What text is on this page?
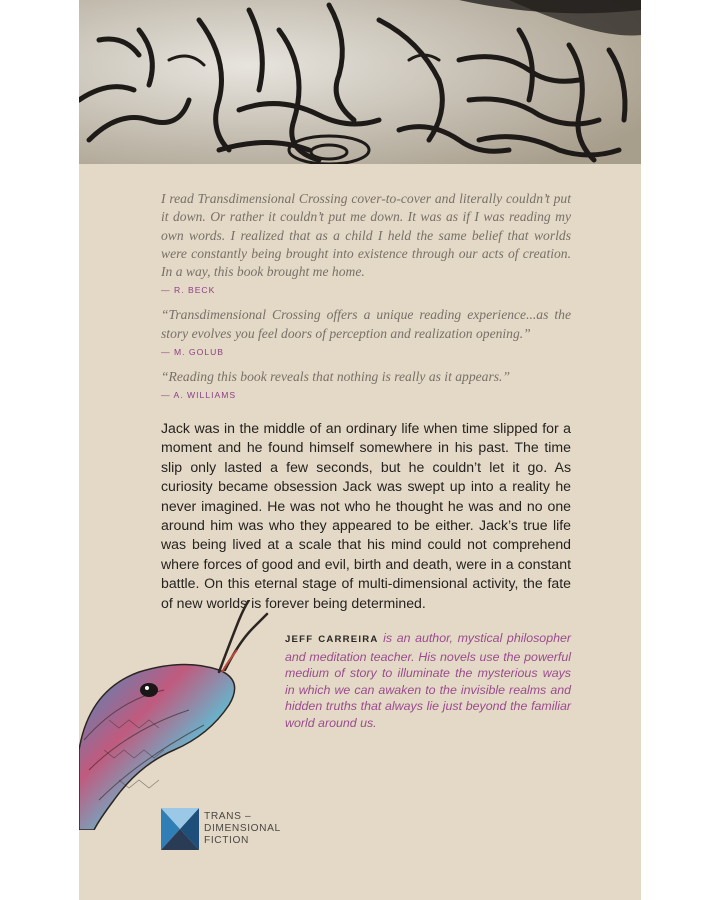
I read Transdimensional Crossing cover-to-cover and literally couldn’t put it down. Or rather it couldn’t put me down. It was as if I was reading my own words. I realized that as a child I held the same belief that worlds were constantly being brought into existence through our acts of creation. In a way, this book brought me home.

— R. BECK

“Transdimensional Crossing offers a unique reading experience...as the story evolves you feel doors of perception and realization opening.”

— M. GOLUB

“Reading this book reveals that nothing is really as it appears.”

— A. WILLIAMS

Jack was in the middle of an ordinary life when time slipped for a moment and he found himself somewhere in his past. The time slip only lasted a few seconds, but he couldn’t let it go. As curiosity became obsession Jack was swept up into a reality he never imagined. He was not who he thought he was and no one around him was who they appeared to be either. Jack’s true life was being lived at a scale that his mind could not comprehend where forces of good and evil, birth and death, were in a constant battle. On this eternal stage of multi-dimensional activity, the fate of new worlds is forever being determined.

JEFF CARREIRA is an author, mystical philosopher and meditation teacher. His novels use the powerful medium of story to illuminate the mysterious ways in which we can awaken to the invisible realms and hidden truths that always lie just beyond the familiar world around us.

TRANS –
DIMENSIONAL
FICTION
